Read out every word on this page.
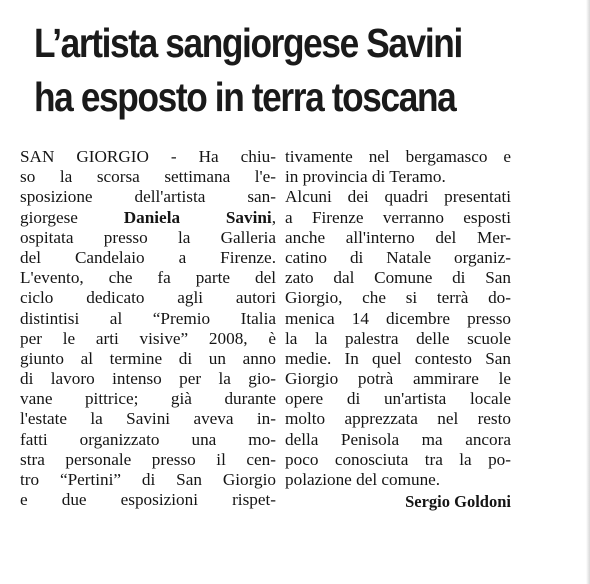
L’artista sangiorgese Savini
ha esposto in terra toscana
SAN GIORGIO - Ha chiu-
so la scorsa settimana l'e-
sposizione dell'artista san-
giorgese Daniela Savini,
ospitata presso la Galleria
del Candelaio a Firenze.
L'evento, che fa parte del
ciclo dedicato agli autori
distintisi al “Premio Italia
per le arti visive” 2008, è
giunto al termine di un anno
di lavoro intenso per la gio-
vane pittrice; già durante
l'estate la Savini aveva in-
fatti organizzato una mo-
stra personale presso il cen-
tro “Pertini” di San Giorgio
e due esposizioni rispet-
tivamente nel bergamasco e
in provincia di Teramo.
Alcuni dei quadri presentati
a Firenze verranno esposti
anche all'interno del Mer-
catino di Natale organiz-
zato dal Comune di San
Giorgio, che si terrà do-
menica 14 dicembre presso
la la palestra delle scuole
medie. In quel contesto San
Giorgio potrà ammirare le
opere di un'artista locale
molto apprezzata nel resto
della Penisola ma ancora
poco conosciuta tra la po-
polazione del comune.
Sergio Goldoni
